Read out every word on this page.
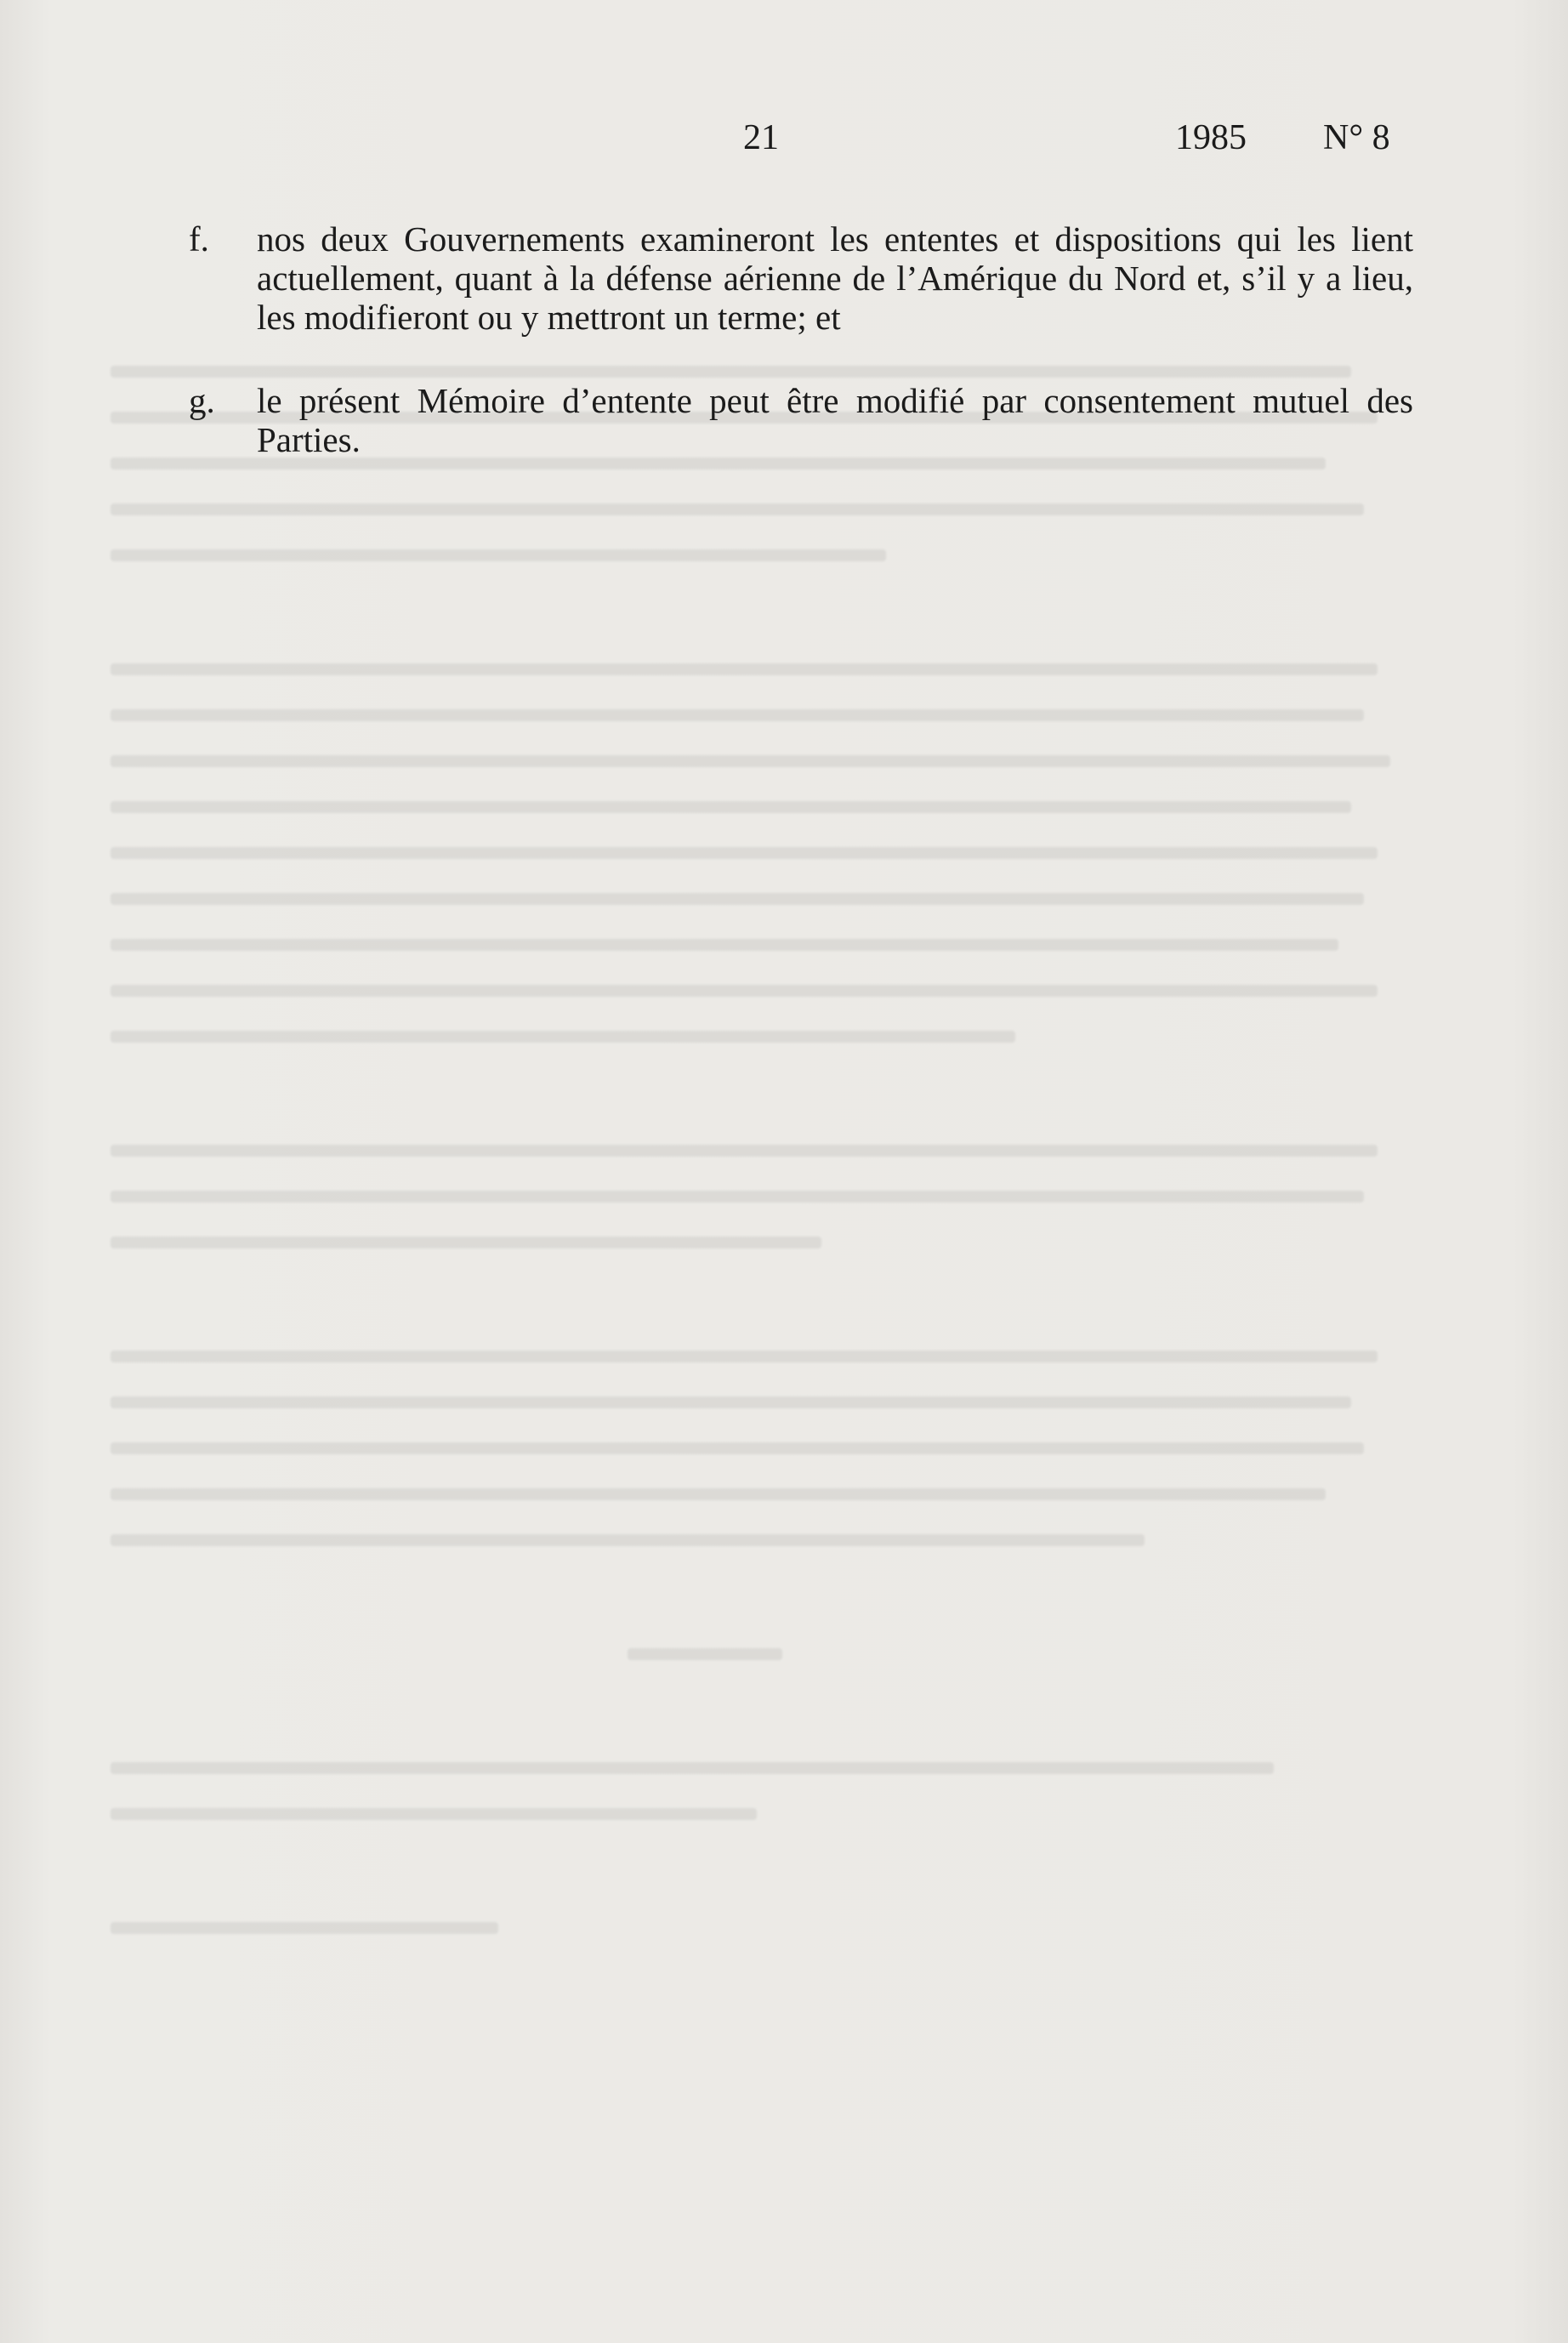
21	1985 N° 8

f. nos deux Gouvernements examineront les ententes et dispositions qui les lient actuellement, quant à la défense aérienne de l’Amérique du Nord et, s’il y a lieu, les modifieront ou y mettront un terme; et
g. le présent Mémoire d’entente peut être modifié par consentement mutuel des Parties.
